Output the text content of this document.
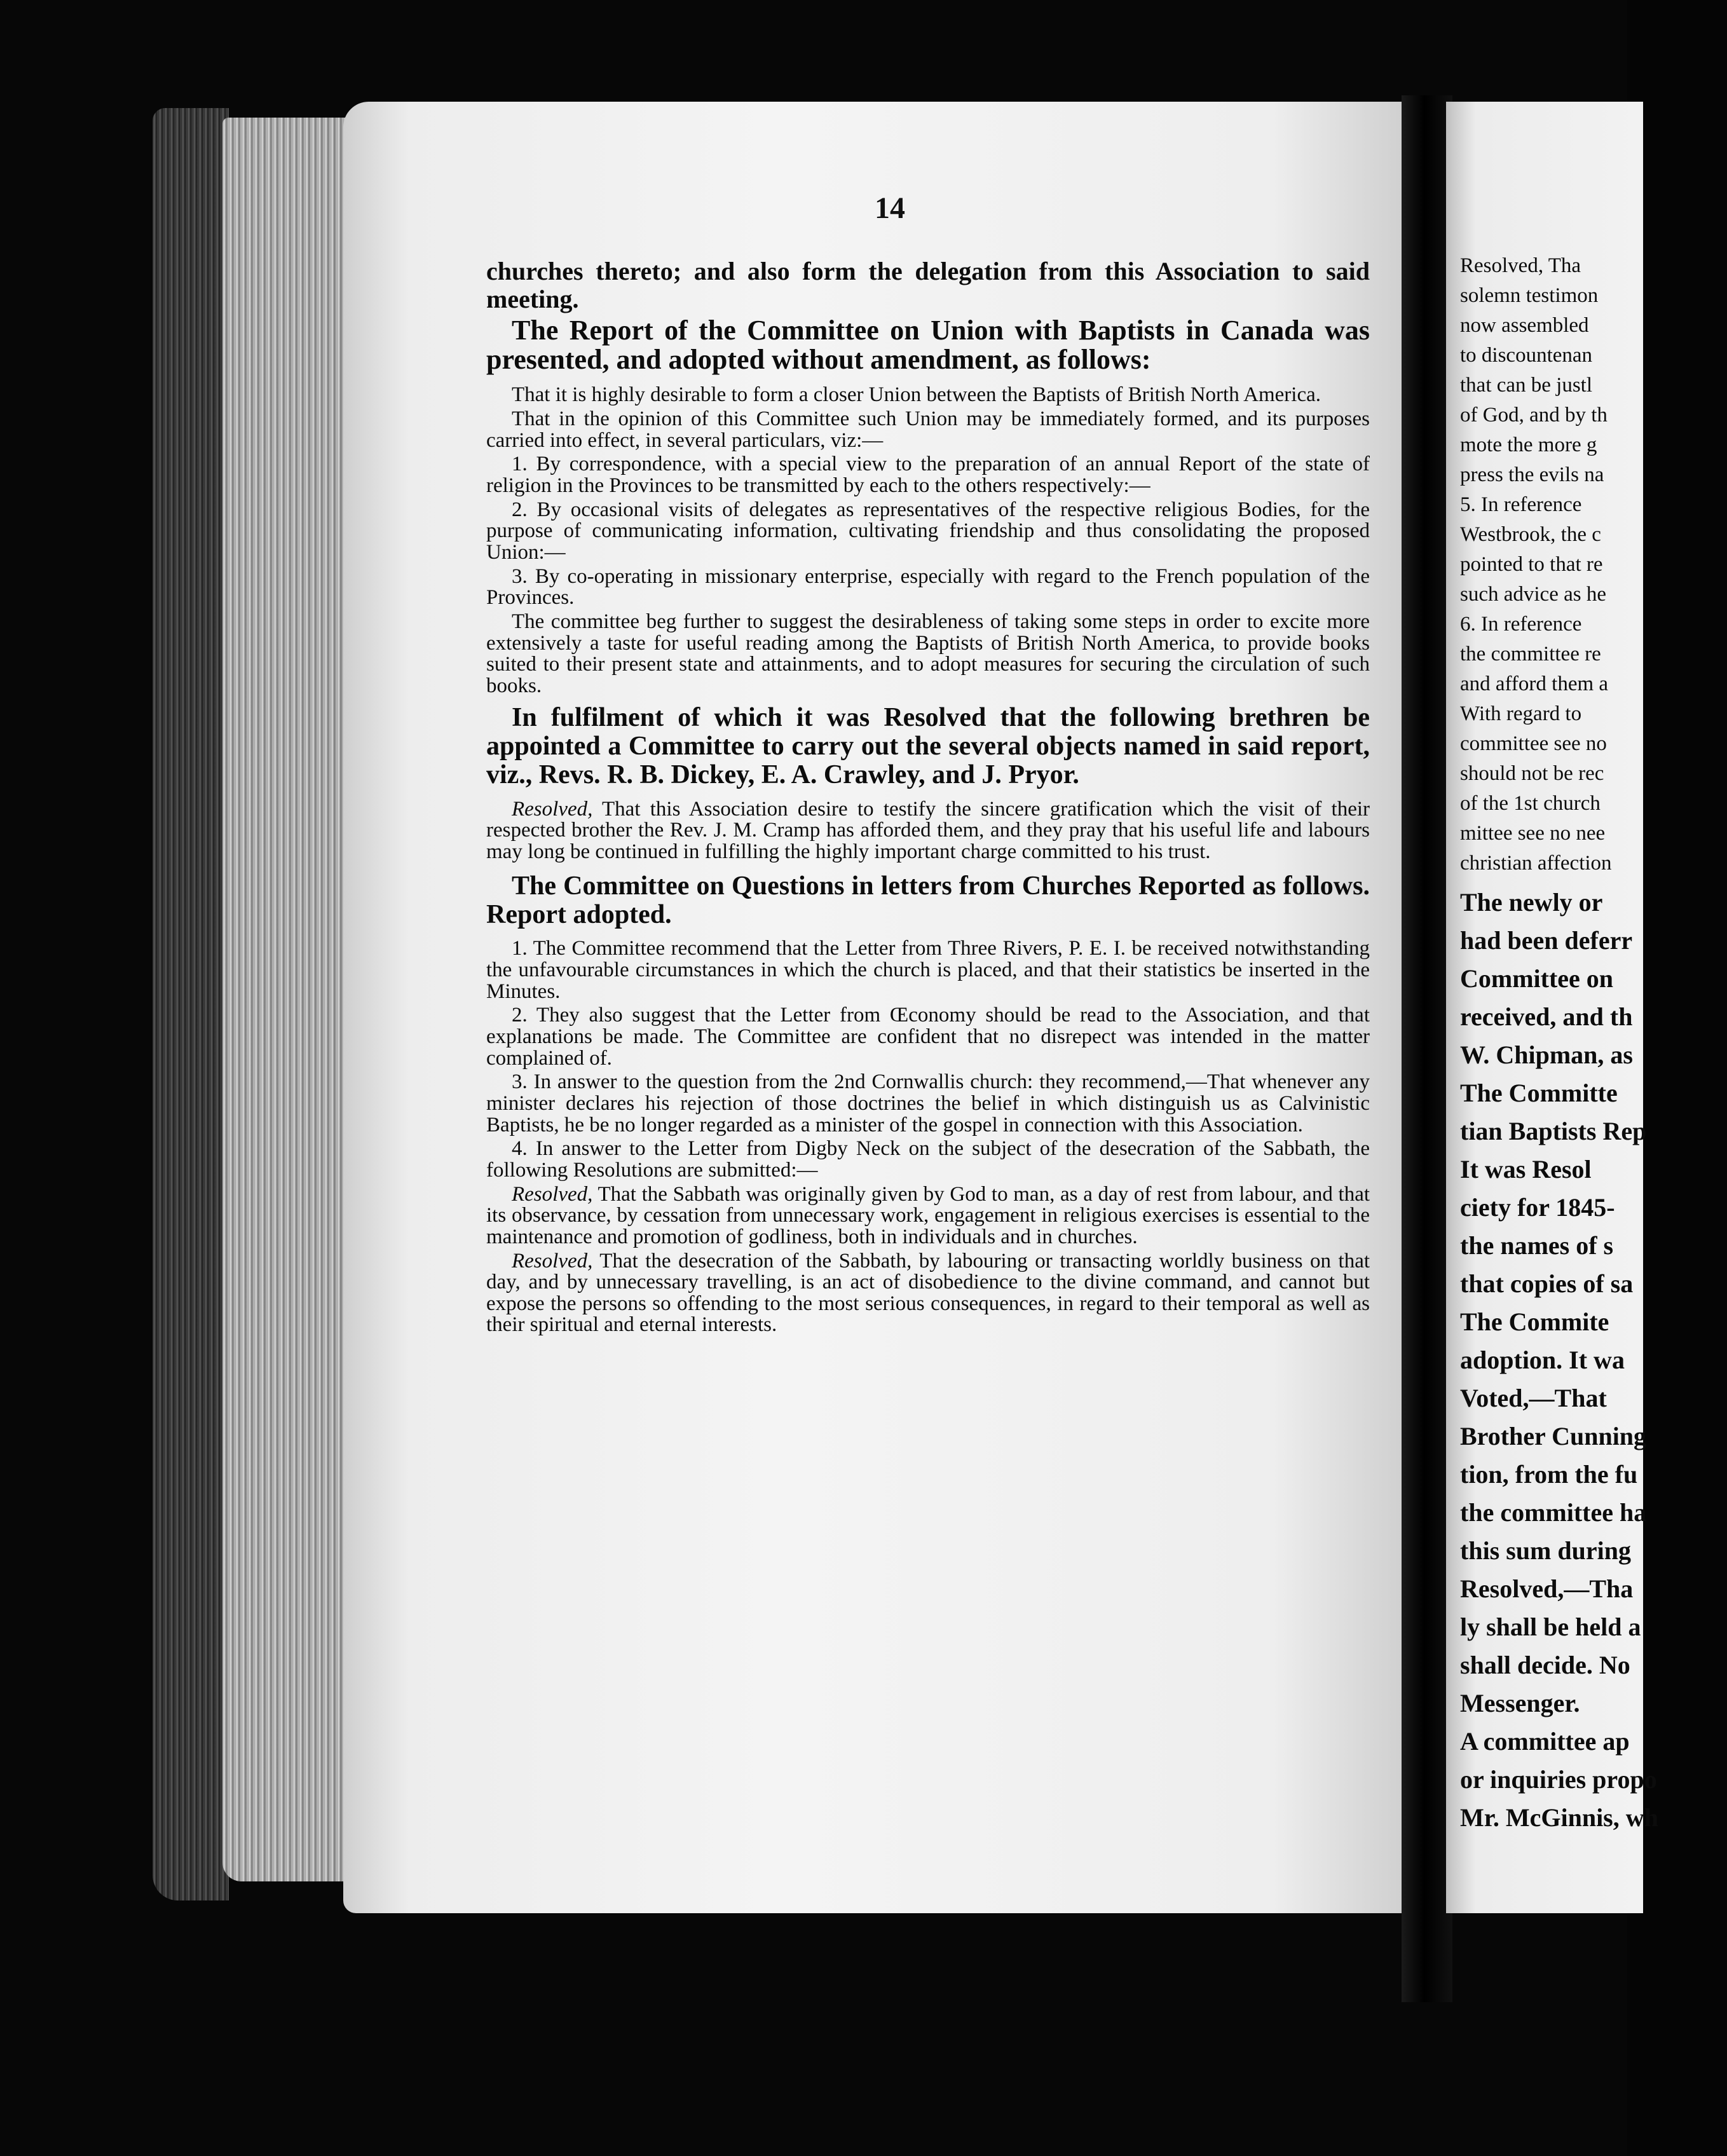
14

churches thereto; and also form the delegation from this Association to said meeting.

The Report of the Committee on Union with Baptists in Canada was presented, and adopted without amendment, as follows:

That it is highly desirable to form a closer Union between the Baptists of British North America.

That in the opinion of this Committee such Union may be immediately formed, and its purposes carried into effect, in several particulars, viz:—

1. By correspondence, with a special view to the preparation of an annual Report of the state of religion in the Provinces to be transmitted by each to the others respectively:—

2. By occasional visits of delegates as representatives of the respective religious Bodies, for the purpose of communicating information, cultivating friendship and thus consolidating the proposed Union:—

3. By co-operating in missionary enterprise, especially with regard to the French population of the Provinces.

The committee beg further to suggest the desirableness of taking some steps in order to excite more extensively a taste for useful reading among the Baptists of British North America, to provide books suited to their present state and attainments, and to adopt measures for securing the circulation of such books.

In fulfilment of which it was Resolved that the following brethren be appointed a Committee to carry out the several objects named in said report, viz., Revs. R. B. Dickey, E. A. Crawley, and J. Pryor.

Resolved, That this Association desire to testify the sincere gratification which the visit of their respected brother the Rev. J. M. Cramp has afforded them, and they pray that his useful life and labours may long be continued in fulfilling the highly important charge committed to his trust.

The Committee on Questions in letters from Churches Reported as follows. Report adopted.

1. The Committee recommend that the Letter from Three Rivers, P. E. I. be received notwithstanding the unfavourable circumstances in which the church is placed, and that their statistics be inserted in the Minutes.

2. They also suggest that the Letter from Œconomy should be read to the Association, and that explanations be made. The Committee are confident that no disrepect was intended in the matter complained of.

3. In answer to the question from the 2nd Cornwallis church: they recommend,—That whenever any minister declares his rejection of those doctrines the belief in which distinguish us as Calvinistic Baptists, he be no longer regarded as a minister of the gospel in connection with this Association.

4. In answer to the Letter from Digby Neck on the subject of the desecration of the Sabbath, the following Resolutions are submitted:—

Resolved, That the Sabbath was originally given by God to man, as a day of rest from labour, and that its observance, by cessation from unnecessary work, engagement in religious exercises is essential to the maintenance and promotion of godliness, both in individuals and in churches.

Resolved, That the desecration of the Sabbath, by labouring or transacting worldly business on that day, and by unnecessary travelling, is an act of disobedience to the divine command, and cannot but expose the persons so offending to the most serious consequences, in regard to their temporal as well as their spiritual and eternal interests.

Resolved, Tha
solemn testimon
now assembled
to discountenan
that can be justl
of God, and by th
mote the more g
press the evils na
5. In reference
Westbrook, the c
pointed to that re
such advice as he
6. In reference
the committee re
and afford them a
With regard to
committee see no
should not be rec
of the 1st church
mittee see no nee
christian affection
The newly or
had been deferr
Committee on
received, and th
W. Chipman, as
The Committe
tian Baptists Rep
It was Resol
ciety for 1845-
the names of s
that copies of sa
The Commite
adoption. It wa
Voted,—That
Brother Cunning
tion, from the fu
the committee ha
this sum during
Resolved,—Tha
ly shall be held a
shall decide. No
Messenger.
A committee ap
or inquiries propo
Mr. McGinnis, wh
